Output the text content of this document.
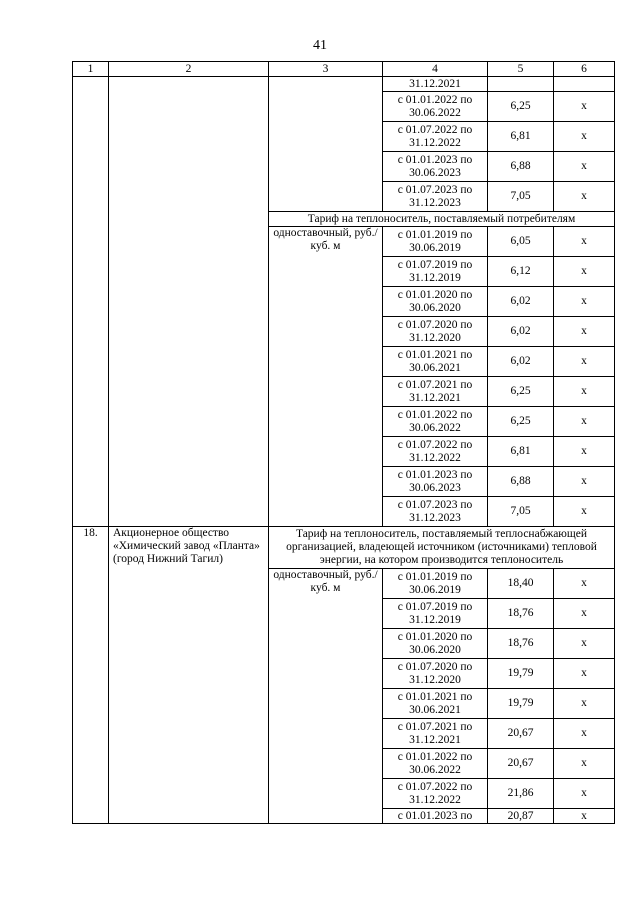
41
1	2	3	4	5	6
			31.12.2021		
			с 01.01.2022 по 30.06.2022	6,25	х
			с 01.07.2022 по 31.12.2022	6,81	х
			с 01.01.2023 по 30.06.2023	6,88	х
			с 01.07.2023 по 31.12.2023	7,05	х
		Тариф на теплоноситель, поставляемый потребителям			
		одноставочный, руб./куб. м	с 01.01.2019 по 30.06.2019	6,05	х
			с 01.07.2019 по 31.12.2019	6,12	х
			с 01.01.2020 по 30.06.2020	6,02	х
			с 01.07.2020 по 31.12.2020	6,02	х
			с 01.01.2021 по 30.06.2021	6,02	х
			с 01.07.2021 по 31.12.2021	6,25	х
			с 01.01.2022 по 30.06.2022	6,25	х
			с 01.07.2022 по 31.12.2022	6,81	х
			с 01.01.2023 по 30.06.2023	6,88	х
			с 01.07.2023 по 31.12.2023	7,05	х
18.	Акционерное общество «Химический завод «Планта» (город Нижний Тагил)	Тариф на теплоноситель, поставляемый теплоснабжающей организацией, владеющей источником (источниками) тепловой энергии, на котором производится теплоноситель			
		одноставочный, руб./куб. м	с 01.01.2019 по 30.06.2019	18,40	х
			с 01.07.2019 по 31.12.2019	18,76	х
			с 01.01.2020 по 30.06.2020	18,76	х
			с 01.07.2020 по 31.12.2020	19,79	х
			с 01.01.2021 по 30.06.2021	19,79	х
			с 01.07.2021 по 31.12.2021	20,67	х
			с 01.01.2022 по 30.06.2022	20,67	х
			с 01.07.2022 по 31.12.2022	21,86	х
			с 01.01.2023 по	20,87	х
